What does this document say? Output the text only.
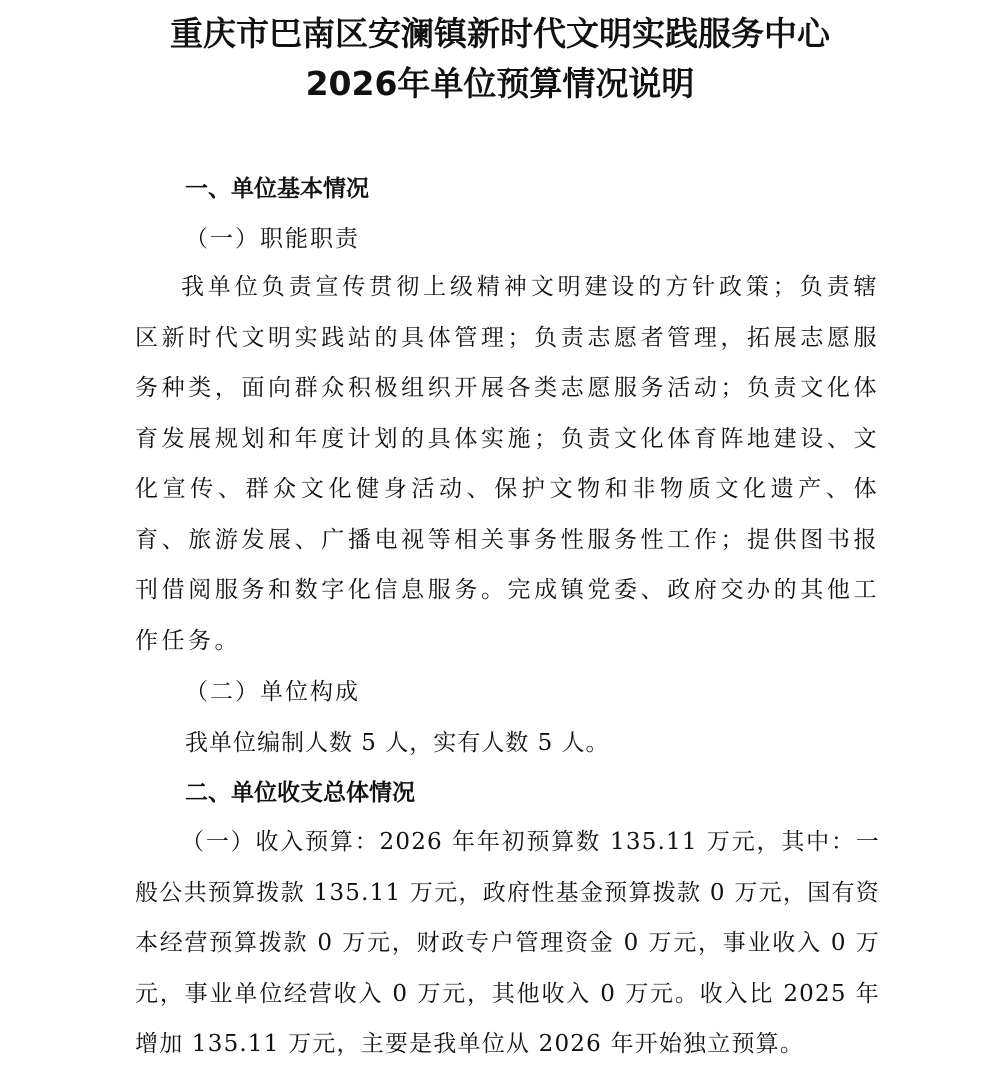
重庆市巴南区安澜镇新时代文明实践服务中心
2026年单位预算情况说明
一、单位基本情况
（一）职能职责
我单位负责宣传贯彻上级精神文明建设的方针政策；负责辖区新时代文明实践站的具体管理；负责志愿者管理，拓展志愿服务种类，面向群众积极组织开展各类志愿服务活动；负责文化体育发展规划和年度计划的具体实施；负责文化体育阵地建设、文化宣传、群众文化健身活动、保护文物和非物质文化遗产、体育、旅游发展、广播电视等相关事务性服务性工作；提供图书报刊借阅服务和数字化信息服务。完成镇党委、政府交办的其他工作任务。
（二）单位构成
我单位编制人数 5 人，实有人数 5 人。
二、单位收支总体情况
（一）收入预算：2026 年年初预算数 135.11 万元，其中：一般公共预算拨款 135.11 万元，政府性基金预算拨款 0 万元，国有资本经营预算拨款 0 万元，财政专户管理资金 0 万元，事业收入 0 万元，事业单位经营收入 0 万元，其他收入 0 万元。收入比 2025 年增加 135.11 万元，主要是我单位从 2026 年开始独立预算。
